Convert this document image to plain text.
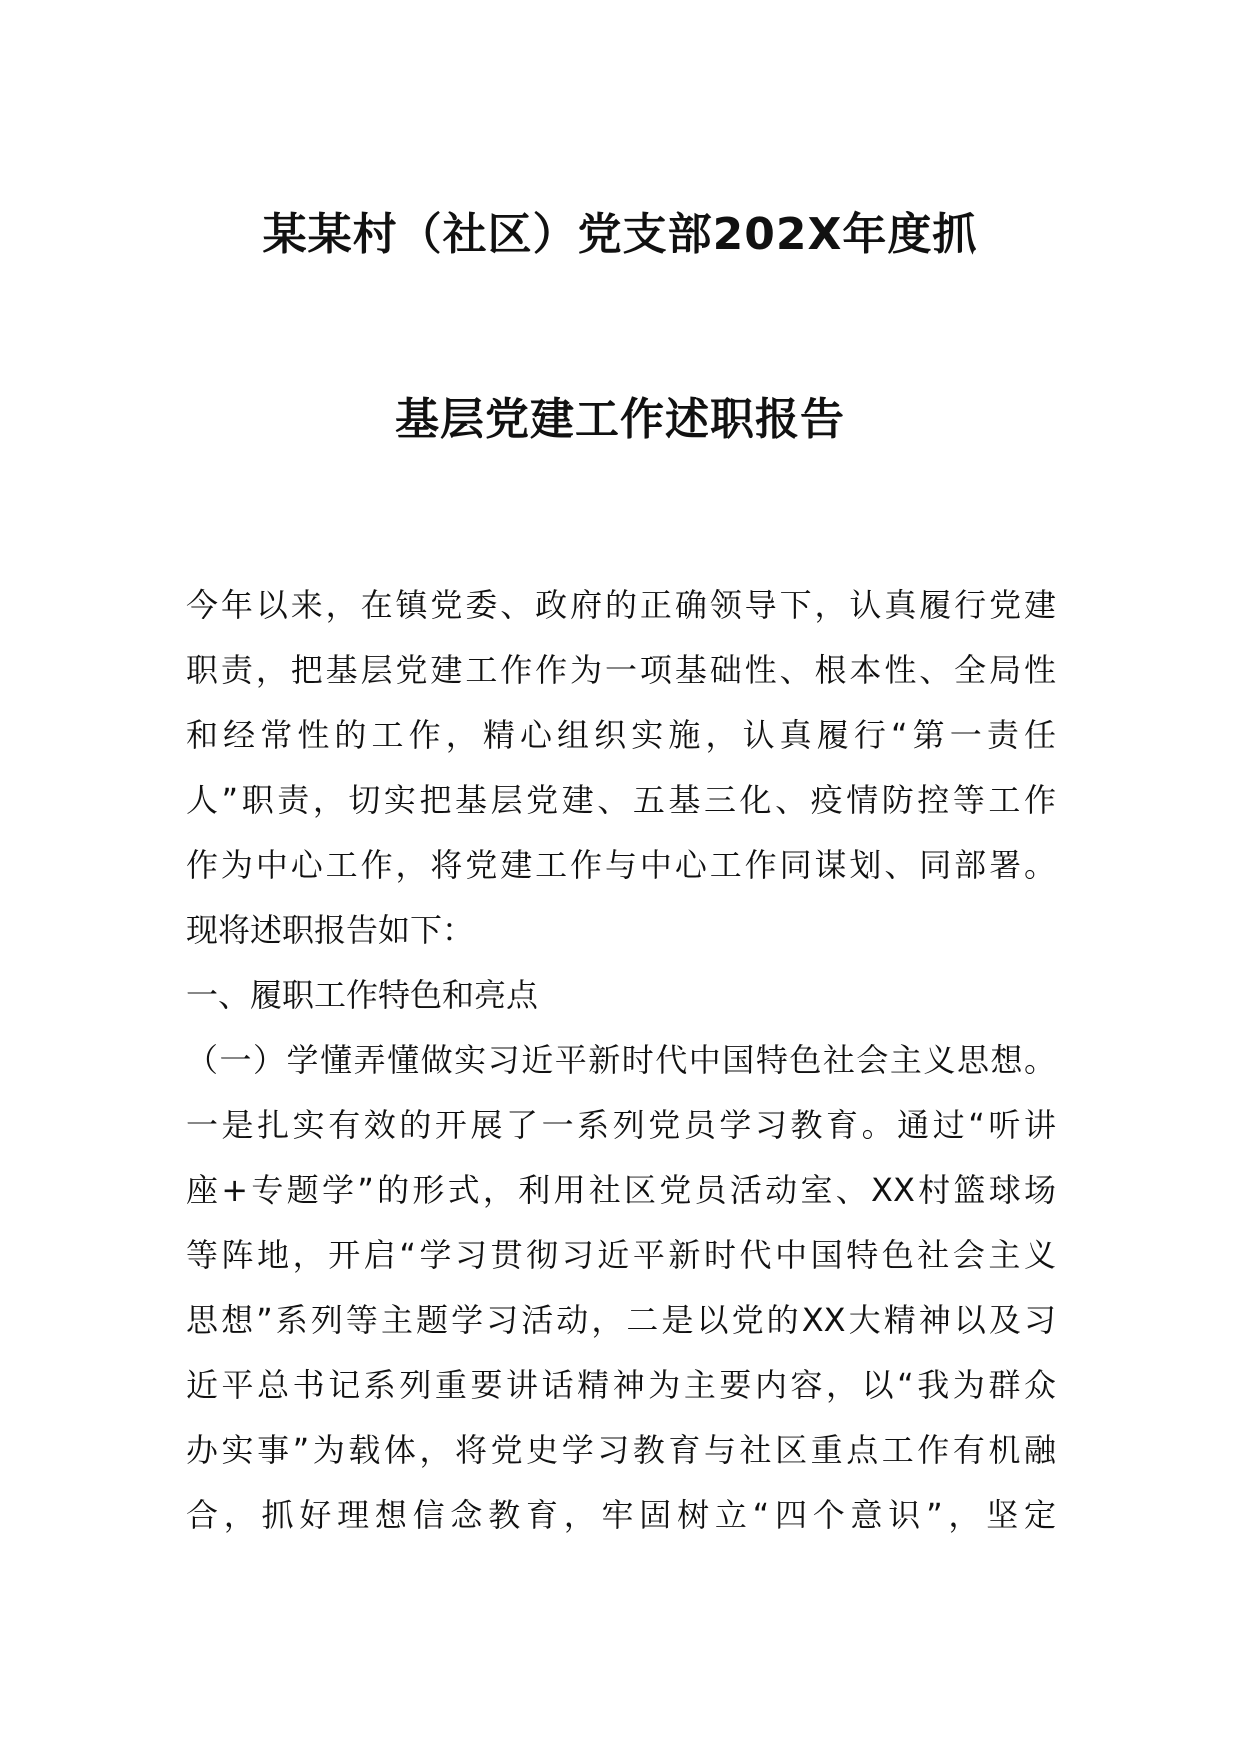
某某村（社区）党支部202X年度抓
基层党建工作述职报告
今年以来，在镇党委、政府的正确领导下，认真履行党建
职责，把基层党建工作作为一项基础性、根本性、全局性
和经常性的工作，精心组织实施，认真履行“第一责任
人”职责，切实把基层党建、五基三化、疫情防控等工作
作为中心工作，将党建工作与中心工作同谋划、同部署。
现将述职报告如下：
一、履职工作特色和亮点
（一）学懂弄懂做实习近平新时代中国特色社会主义思想。
一是扎实有效的开展了一系列党员学习教育。通过“听讲
座+专题学”的形式，利用社区党员活动室、XX村篮球场
等阵地，开启“学习贯彻习近平新时代中国特色社会主义
思想”系列等主题学习活动，二是以党的XX大精神以及习
近平总书记系列重要讲话精神为主要内容，以“我为群众
办实事”为载体，将党史学习教育与社区重点工作有机融
合，抓好理想信念教育，牢固树立“四个意识”，坚定
